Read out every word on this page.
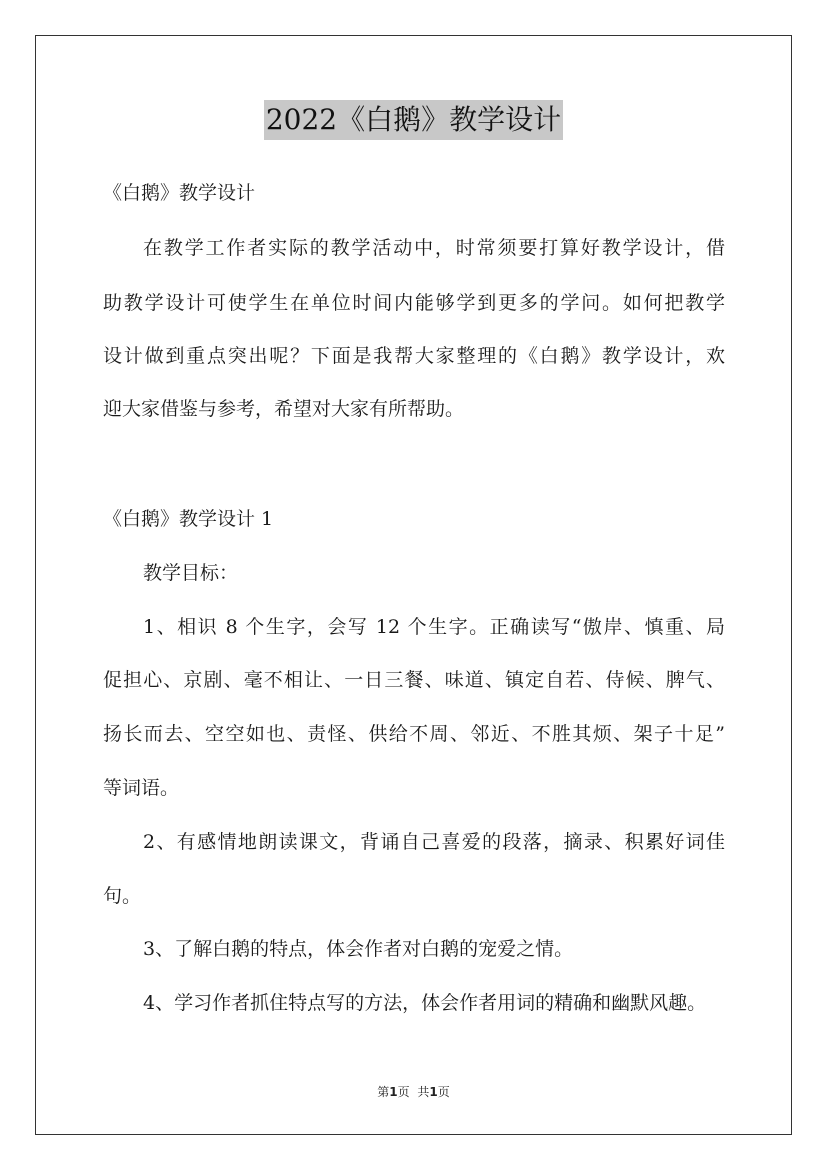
2022《白鹅》教学设计
《白鹅》教学设计
在教学工作者实际的教学活动中，时常须要打算好教学设计，借
助教学设计可使学生在单位时间内能够学到更多的学问。如何把教学
设计做到重点突出呢？下面是我帮大家整理的《白鹅》教学设计，欢
迎大家借鉴与参考，希望对大家有所帮助。
《白鹅》教学设计 1
教学目标：
1、相识 8 个生字，会写 12 个生字。正确读写“傲岸、慎重、局
促担心、京剧、毫不相让、一日三餐、味道、镇定自若、侍候、脾气、
扬长而去、空空如也、责怪、供给不周、邻近、不胜其烦、架子十足”
等词语。
2、有感情地朗读课文，背诵自己喜爱的段落，摘录、积累好词佳
句。
3、了解白鹅的特点，体会作者对白鹅的宠爱之情。
4、学习作者抓住特点写的方法，体会作者用词的精确和幽默风趣。
第1页 共1页
